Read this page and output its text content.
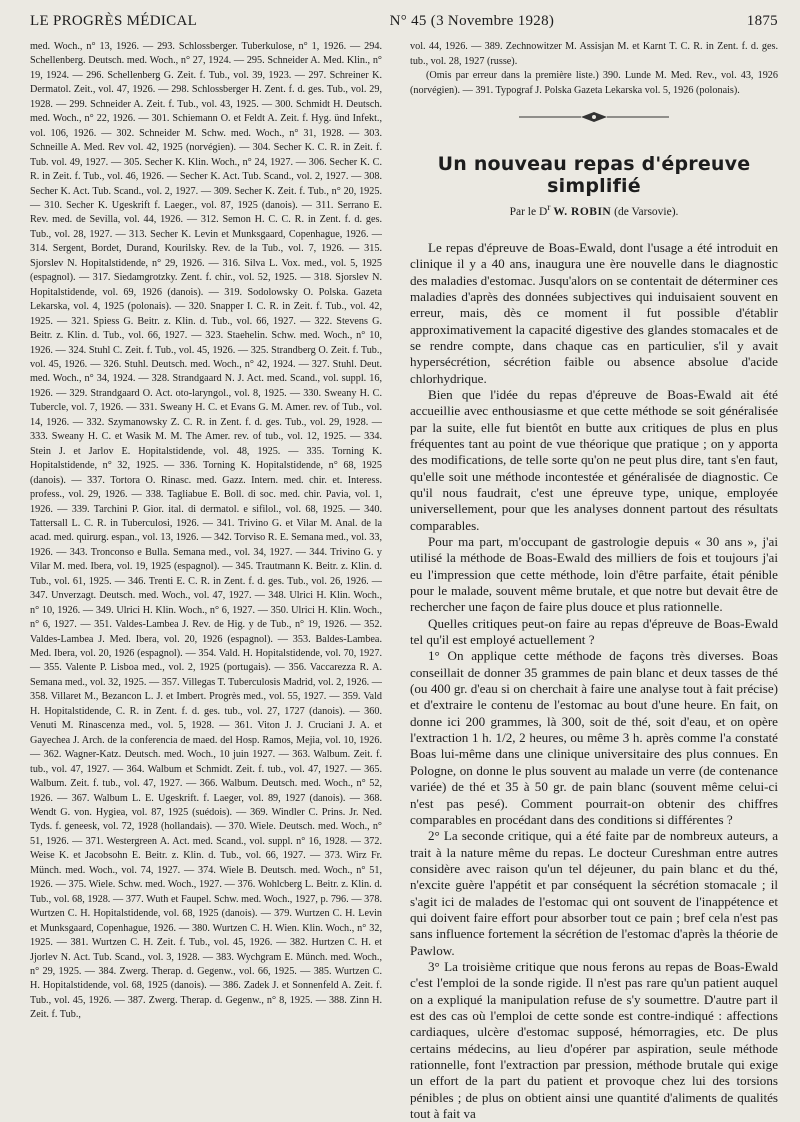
LE PROGRÈS MÉDICAL	N° 45 (3 Novembre 1928)	1875

med. Woch., n° 13, 1926. — 293. Schlossberger. Tuberkulose, n° 1, 1926. — 294. Schellenberg. Deutsch. med. Woch., n° 27, 1924. — 295. Schneider A. Med. Klin., n° 19, 1924. — 296. Schellenberg G. Zeit. f. Tub., vol. 39, 1923. — 297. Schreiner K. Dermatol. Zeit., vol. 47, 1926. — 298. Schlossberger H. Zent. f. d. ges. Tub., vol. 29, 1928. — 299. Schneider A. Zeit. f. Tub., vol. 43, 1925. — 300. Schmidt H. Deutsch. med. Woch., n° 22, 1926. — 301. Schiemann O. et Feldt A. Zeit. f. Hyg. ünd Infekt., vol. 106, 1926. — 302. Schneider M. Schw. med. Woch., n° 31, 1928. — 303. Schneille A. Med. Rev vol. 42, 1925 (norvégien). — 304. Secher K. C. R. in Zeit. f. Tub. vol. 49, 1927. — 305. Secher K. Klin. Woch., n° 24, 1927. — 306. Secher K. C. R. in Zeit. f. Tub., vol. 46, 1926. — Secher K. Act. Tub. Scand., vol. 2, 1927. — 308. Secher K. Act. Tub. Scand., vol. 2, 1927. — 309. Secher K. Zeit. f. Tub., n° 20, 1925. — 310. Secher K. Ugeskrift f. Laeger., vol. 87, 1925 (danois). — 311. Serrano E. Rev. med. de Sevilla, vol. 44, 1926. — 312. Semon H. C. C. R. in Zent. f. d. ges. Tub., vol. 28, 1927. — 313. Secher K. Levin et Munksgaard, Copenhague, 1926. — 314. Sergent, Bordet, Durand, Kourilsky. Rev. de la Tub., vol. 7, 1926. — 315. Sjorslev N. Hopitalstidende, n° 29, 1926. — 316. Silva L. Vox. med., vol. 5, 1925 (espagnol). — 317. Siedamgrotzky. Zent. f. chir., vol. 52, 1925. — 318. Sjorslev N. Hopitalstidende, vol. 69, 1926 (danois). — 319. Sodolowsky O. Polska. Gazeta Lekarska, vol. 4, 1925 (polonais). — 320. Snapper I. C. R. in Zeit. f. Tub., vol. 42, 1925. — 321. Spiess G. Beitr. z. Klin. d. Tub., vol. 66, 1927. — 322. Stevens G. Beitr. z. Klin. d. Tub., vol. 66, 1927. — 323. Staehelin. Schw. med. Woch., n° 10, 1926. — 324. Stuhl C. Zeit. f. Tub., vol. 45, 1926. — 325. Strandberg O. Zeit. f. Tub., vol. 45, 1926. — 326. Stuhl. Deutsch. med. Woch., n° 42, 1924. — 327. Stuhl. Deut. med. Woch., n° 34, 1924. — 328. Strandgaard N. J. Act. med. Scand., vol. suppl. 16, 1926. — 329. Strandgaard O. Act. oto-laryngol., vol. 8, 1925. — 330. Sweany H. C. Tubercle, vol. 7, 1926. — 331. Sweany H. C. et Evans G. M. Amer. rev. of Tub., vol. 14, 1926. — 332. Szymanowsky Z. C. R. in Zent. f. d. ges. Tub., vol. 29, 1928. — 333. Sweany H. C. et Wasik M. M. The Amer. rev. of tub., vol. 12, 1925. — 334. Stein J. et Jarlov E. Hopitalstidende, vol. 48, 1925. — 335. Torning K. Hopitalstidende, n° 32, 1925. — 336. Torning K. Hopitalstidende, n° 68, 1925 (danois). — 337. Tortora O. Rinasc. med. Gazz. Intern. med. chir. et. Interess. profess., vol. 29, 1926. — 338. Tagliabue E. Boll. di soc. med. chir. Pavia, vol. 1, 1926. — 339. Tarchini P. Gior. ital. di dermatol. e sifilol., vol. 68, 1925. — 340. Tattersall L. C. R. in Tuberculosi, 1926. — 341. Trivino G. et Vilar M. Anal. de la acad. med. quirurg. espan., vol. 13, 1926. — 342. Torviso R. E. Semana med., vol. 33, 1926. — 343. Tronconso e Bulla. Semana med., vol. 34, 1927. — 344. Trivino G. y Vilar M. med. Ibera, vol. 19, 1925 (espagnol). — 345. Trautmann K. Beitr. z. Klin. d. Tub., vol. 61, 1925. — 346. Trenti E. C. R. in Zent. f. d. ges. Tub., vol. 26, 1926. — 347. Unverzagt. Deutsch. med. Woch., vol. 47, 1927. — 348. Ulrici H. Klin. Woch., n° 10, 1926. — 349. Ulrici H. Klin. Woch., n° 6, 1927. — 350. Ulrici H. Klin. Woch., n° 6, 1927. — 351. Valdes-Lambea J. Rev. de Hig. y de Tub., n° 19, 1926. — 352. Valdes-Lambea J. Med. Ibera, vol. 20, 1926 (espagnol). — 353. Baldes-Lambea. Med. Ibera, vol. 20, 1926 (espagnol). — 354. Vald. H. Hopitalstidende, vol. 70, 1927. — 355. Valente P. Lisboa med., vol. 2, 1925 (portugais). — 356. Vaccarezza R. A. Semana med., vol. 32, 1925. — 357. Villegas T. Tuberculosis Madrid, vol. 2, 1926. — 358. Villaret M., Bezancon L. J. et Imbert. Progrès med., vol. 55, 1927. — 359. Vald H. Hopitalstidende, C. R. in Zent. f. d. ges. tub., vol. 27, 1727 (danois). — 360. Venuti M. Rinascenza med., vol. 5, 1928. — 361. Viton J. J. Cruciani J. A. et Gayechea J. Arch. de la conferencia de maed. del Hosp. Ramos, Mejia, vol. 10, 1926. — 362. Wagner-Katz. Deutsch. med. Woch., 10 juin 1927. — 363. Walbum. Zeit. f. tub., vol. 47, 1927. — 364. Walbum et Schmidt. Zeit. f. tub., vol. 47, 1927. — 365. Walbum. Zeit. f. tub., vol. 47, 1927. — 366. Walbum. Deutsch. med. Woch., n° 52, 1926. — 367. Walbum L. E. Ugeskrift. f. Laeger, vol. 89, 1927 (danois). — 368. Wendt G. von. Hygiea, vol. 87, 1925 (suédois). — 369. Windler C. Prins. Jr. Ned. Tyds. f. geneesk, vol. 72, 1928 (hollandais). — 370. Wiele. Deutsch. med. Woch., n° 51, 1926. — 371. Westergreen A. Act. med. Scand., vol. suppl. n° 16, 1928. — 372. Weise K. et Jacobsohn E. Beitr. z. Klin. d. Tub., vol. 66, 1927. — 373. Wirz Fr. Münch. med. Woch., vol. 74, 1927. — 374. Wiele B. Deutsch. med. Woch., n° 51, 1926. — 375. Wiele. Schw. med. Woch., 1927. — 376. Wohlcberg L. Beitr. z. Klin. d. Tub., vol. 68, 1928. — 377. Wuth et Faupel. Schw. med. Woch., 1927, p. 796. — 378. Wurtzen C. H. Hopitalstidende, vol. 68, 1925 (danois). — 379. Wurtzen C. H. Levin et Munksgaard, Copenhague, 1926. — 380. Wurtzen C. H. Wien. Klin. Woch., n° 32, 1925. — 381. Wurtzen C. H. Zeit. f. Tub., vol. 45, 1926. — 382. Hurtzen C. H. et Jjorlev N. Act. Tub. Scand., vol. 3, 1928. — 383. Wychgram E. Münch. med. Woch., n° 29, 1925. — 384. Zwerg. Therap. d. Gegenw., vol. 66, 1925. — 385. Wurtzen C. H. Hopitalstidende, vol. 68, 1925 (danois). — 386. Zadek J. et Sonnenfeld A. Zeit. f. Tub., vol. 45, 1926. — 387. Zwerg. Therap. d. Gegenw., n° 8, 1925. — 388. Zinn H. Zeit. f. Tub.,

vol. 44, 1926. — 389. Zechnowitzer M. Assisjan M. et Karnt T. C. R. in Zent. f. d. ges. tub., vol. 28, 1927 (russe).

(Omis par erreur dans la première liste.) 390. Lunde M. Med. Rev., vol. 43, 1926 (norvégien). — 391. Typograf J. Polska Gazeta Lekarska vol. 5, 1926 (polonais).

Un nouveau repas d'épreuve simplifié
Par le $D^r$ W. ROBIN (de Varsovie).

Le repas d'épreuve de Boas-Ewald, dont l'usage a été introduit en clinique il y a 40 ans, inaugura une ère nouvelle dans le diagnostic des maladies d'estomac. Jusqu'alors on se contentait de déterminer ces maladies d'après des données subjectives qui induisaient souvent en erreur, mais, dès ce moment il fut possible d'établir approximativement la capacité digestive des glandes stomacales et de se rendre compte, dans chaque cas en particulier, s'il y avait hypersécrétion, sécrétion faible ou absence absolue d'acide chlorhydrique.

Bien que l'idée du repas d'épreuve de Boas-Ewald ait été accueillie avec enthousiasme et que cette méthode se soit généralisée par la suite, elle fut bientôt en butte aux critiques de plus en plus fréquentes tant au point de vue théorique que pratique ; on y apporta des modifications, de telle sorte qu'on ne peut plus dire, tant s'en faut, qu'elle soit une méthode incontestée et généralisée de diagnostic. Ce qu'il nous faudrait, c'est une épreuve type, unique, employée universellement, pour que les analyses donnent partout des résultats comparables.

Pour ma part, m'occupant de gastrologie depuis « 30 ans », j'ai utilisé la méthode de Boas-Ewald des milliers de fois et toujours j'ai eu l'impression que cette méthode, loin d'être parfaite, était pénible pour le malade, souvent même brutale, et que notre but devait être de rechercher une façon de faire plus douce et plus rationnelle.

Quelles critiques peut-on faire au repas d'épreuve de Boas-Ewald tel qu'il est employé actuellement ?

1° On applique cette méthode de façons très diverses. Boas conseillait de donner 35 grammes de pain blanc et deux tasses de thé (ou 400 gr. d'eau si on cherchait à faire une analyse tout à fait précise) et d'extraire le contenu de l'estomac au bout d'une heure. En fait, on donne ici 200 grammes, là 300, soit de thé, soit d'eau, et on opère l'extraction 1 h. 1/2, 2 heures, ou même 3 h. après comme l'a constaté Boas lui-même dans une clinique universitaire des plus connues. En Pologne, on donne le plus souvent au malade un verre (de contenance variée) de thé et 35 à 50 gr. de pain blanc (souvent même celui-ci n'est pas pesé). Comment pourrait-on obtenir des chiffres comparables en procédant dans des conditions si différentes ?

2° La seconde critique, qui a été faite par de nombreux auteurs, a trait à la nature même du repas. Le docteur Cureshman entre autres considère avec raison qu'un tel déjeuner, du pain blanc et du thé, n'excite guère l'appétit et par conséquent la sécrétion stomacale ; il s'agit ici de malades de l'estomac qui ont souvent de l'inappétence et qui doivent faire effort pour absorber tout ce pain ; bref cela n'est pas sans influence fortement la sécrétion de l'estomac d'après la théorie de Pawlow.

3° La troisième critique que nous ferons au repas de Boas-Ewald c'est l'emploi de la sonde rigide. Il n'est pas rare qu'un patient auquel on a expliqué la manipulation refuse de s'y soumettre. D'autre part il est des cas où l'emploi de cette sonde est contre-indiqué : affections cardiaques, ulcère d'estomac supposé, hémorragies, etc. De plus certains médecins, au lieu d'opérer par aspiration, seule méthode rationnelle, font l'extraction par pression, méthode brutale qui exige un effort de la part du patient et provoque chez lui des torsions pénibles ; de plus on obtient ainsi une quantité d'aliments de qualités tout à fait va
